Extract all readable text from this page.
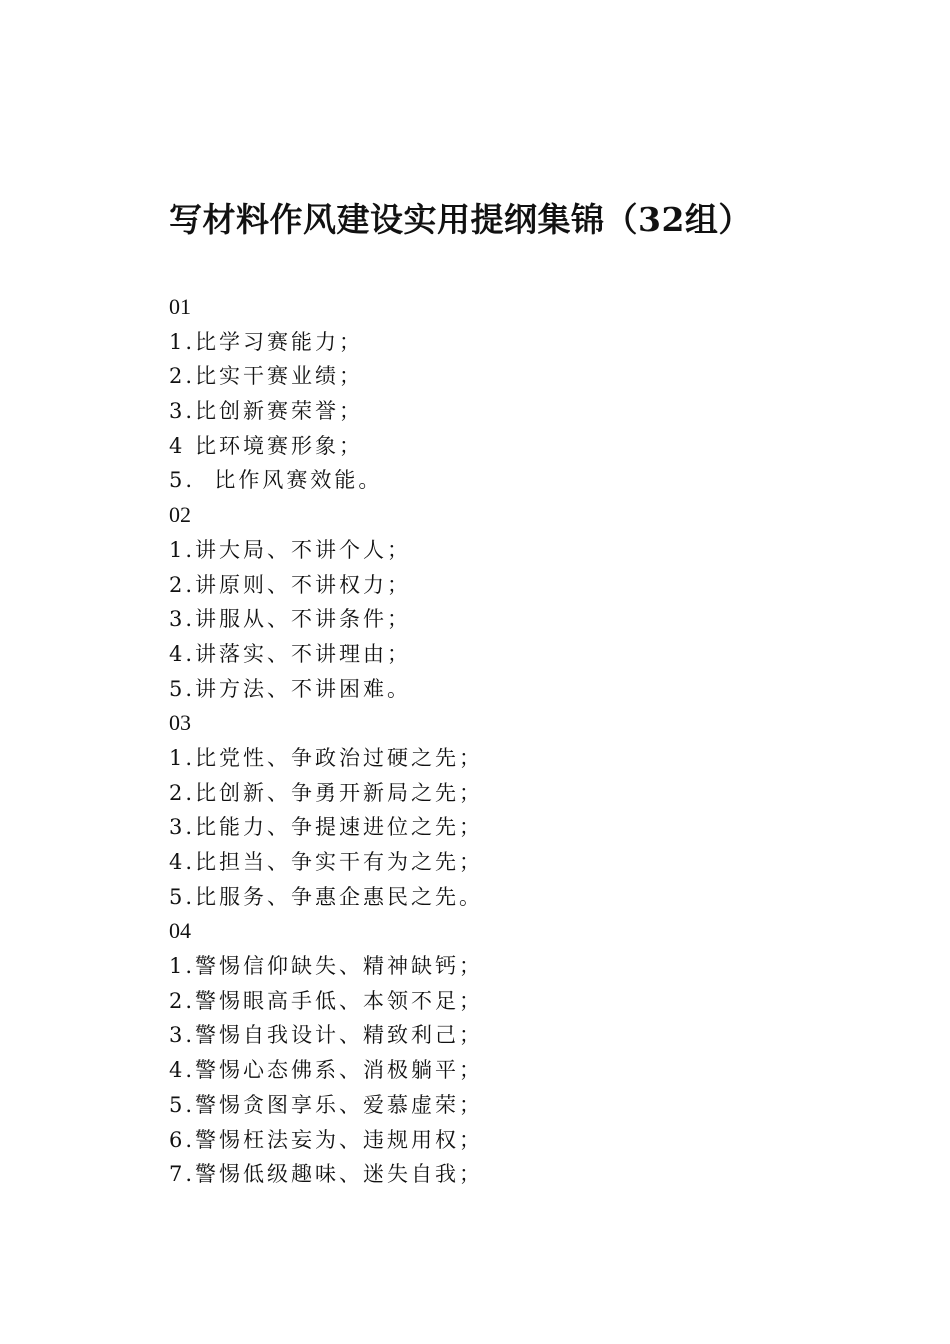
写材料作风建设实用提纲集锦（32组）
01
1.比学习赛能力；
2.比实干赛业绩；
3.比创新赛荣誉；
4 比环境赛形象；
5.  比作风赛效能。
02
1.讲大局、不讲个人；
2.讲原则、不讲权力；
3.讲服从、不讲条件；
4.讲落实、不讲理由；
5.讲方法、不讲困难。
03
1.比党性、争政治过硬之先；
2.比创新、争勇开新局之先；
3.比能力、争提速进位之先；
4.比担当、争实干有为之先；
5.比服务、争惠企惠民之先。
04
1.警惕信仰缺失、精神缺钙；
2.警惕眼高手低、本领不足；
3.警惕自我设计、精致利己；
4.警惕心态佛系、消极躺平；
5.警惕贪图享乐、爱慕虚荣；
6.警惕枉法妄为、违规用权；
7.警惕低级趣味、迷失自我；
